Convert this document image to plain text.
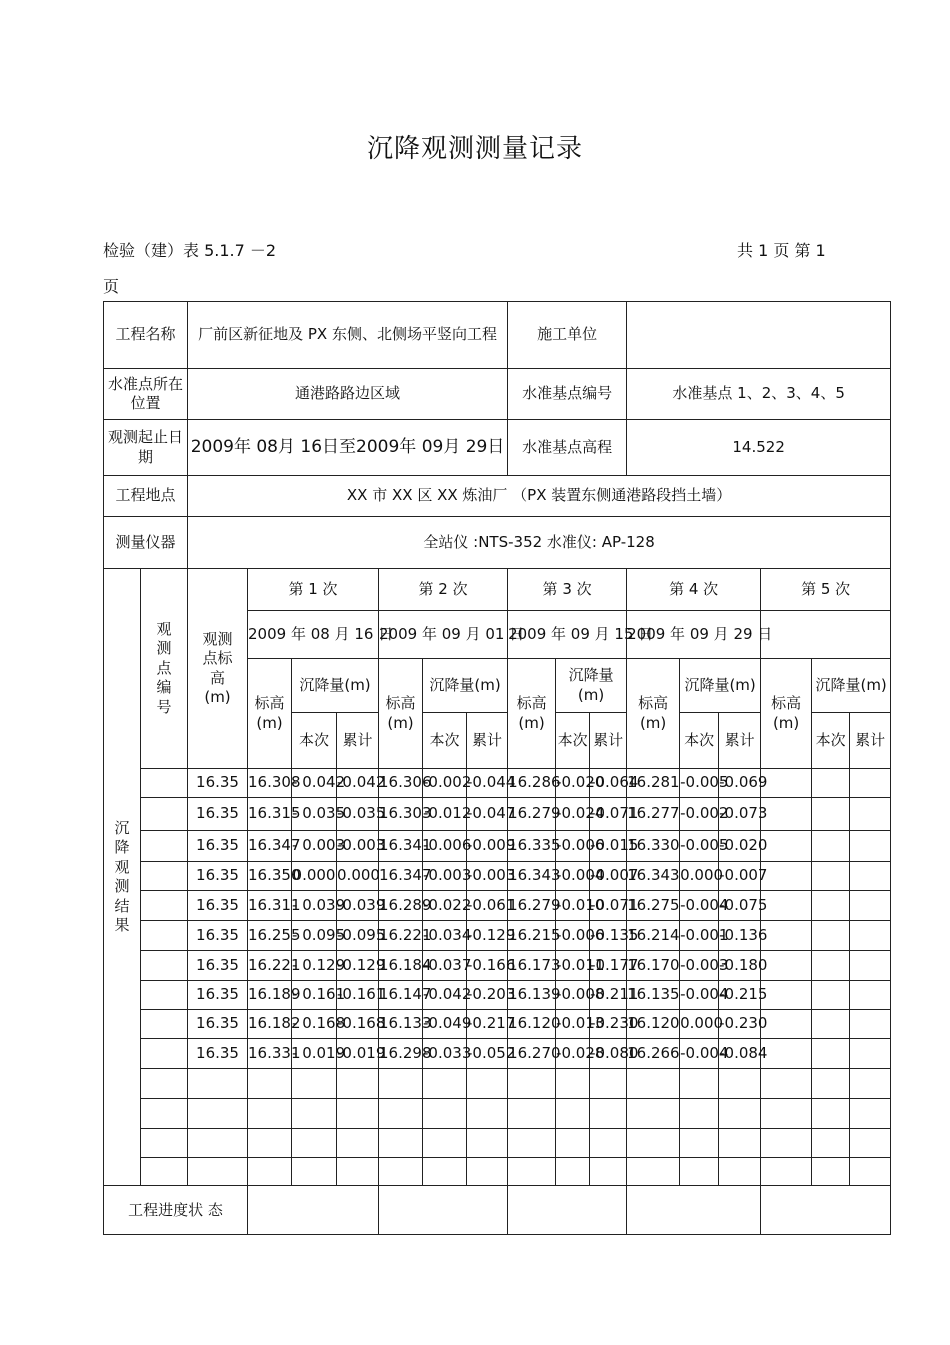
沉降观测测量记录
检验（建）表 5.1.7 －2	共 1 页 第 1
页
工程名称		厂前区新征地及 PX 东侧、北侧场平竖向工程							施工单位								
水准点所在位置		通港路路边区域							水准基点编号			水准基点 1、2、3、4、5					
观测起止日 期		2009年 08月 16日至2009年 09月 29日							水准基点高程			14.522					
工程地点		XX 市 XX 区 XX 炼油厂 （PX 装置东侧通港路段挡土墙）															
测量仪器		全站仪 :NTS-352 水准仪: AP-128															
沉降观测结果	观测点编号	观测点标高(m)	第 1 次			第 2 次			第 3 次			第 4 次			第 5 次		
			2009 年 08 月 16 日			2009 年 09 月 01 日			2009 年 09 月 15 日			2009 年 09 月 29 日					
			标高(m)	沉降量(m)		标高(m)	沉降量(m)		标高(m)	沉降量(m)		标高(m)	沉降量(m)		标高(m)	沉降量(m)	

				本次	累计		本次	累计		本次	累计		本次	累计		本次	累计
		16.35	16.308	- 0.042	-0.042	16.306	-0.002	-0.044	16.286	-0.020	-0.064	16.281	-0.005	-0.069			
		16.35	16.315	- 0.035	-0.035	16.303	-0.012	-0.047	16.279	-0.024	-0.071	16.277	-0.002	-0.073			
		16.35	16.347	- 0.003	-0.003	16.341	-0.006	-0.009	16.335	-0.006	-0.015	16.330	-0.005	-0.020			
		16.35	16.350	0.000	0.000	16.347	-0.003	-0.003	16.343	-0.004	-0.007	16.343	0.000	-0.007			
		16.35	16.311	- 0.039	-0.039	16.289	-0.022	-0.061	16.279	-0.010	-0.071	16.275	-0.004	-0.075			
		16.35	16.255	- 0.095	-0.095	16.221	-0.034	-0.129	16.215	-0.006	-0.135	16.214	-0.001	-0.136			
		16.35	16.221	- 0.129	-0.129	16.184	-0.037	-0.166	16.173	-0.011	-0.177	16.170	-0.003	-0.180			
		16.35	16.189	- 0.161	-0.161	16.147	-0.042	-0.203	16.139	-0.008	-0.211	16.135	-0.004	-0.215			
		16.35	16.182	- 0.168	-0.168	16.133	-0.049	-0.217	16.120	-0.013	-0.230	16.120	0.000	-0.230			
		16.35	16.331	- 0.019	-0.019	16.298	-0.033	-0.052	16.270	-0.028	-0.080	16.266	-0.004	-0.084			

工程进度状 态																	
